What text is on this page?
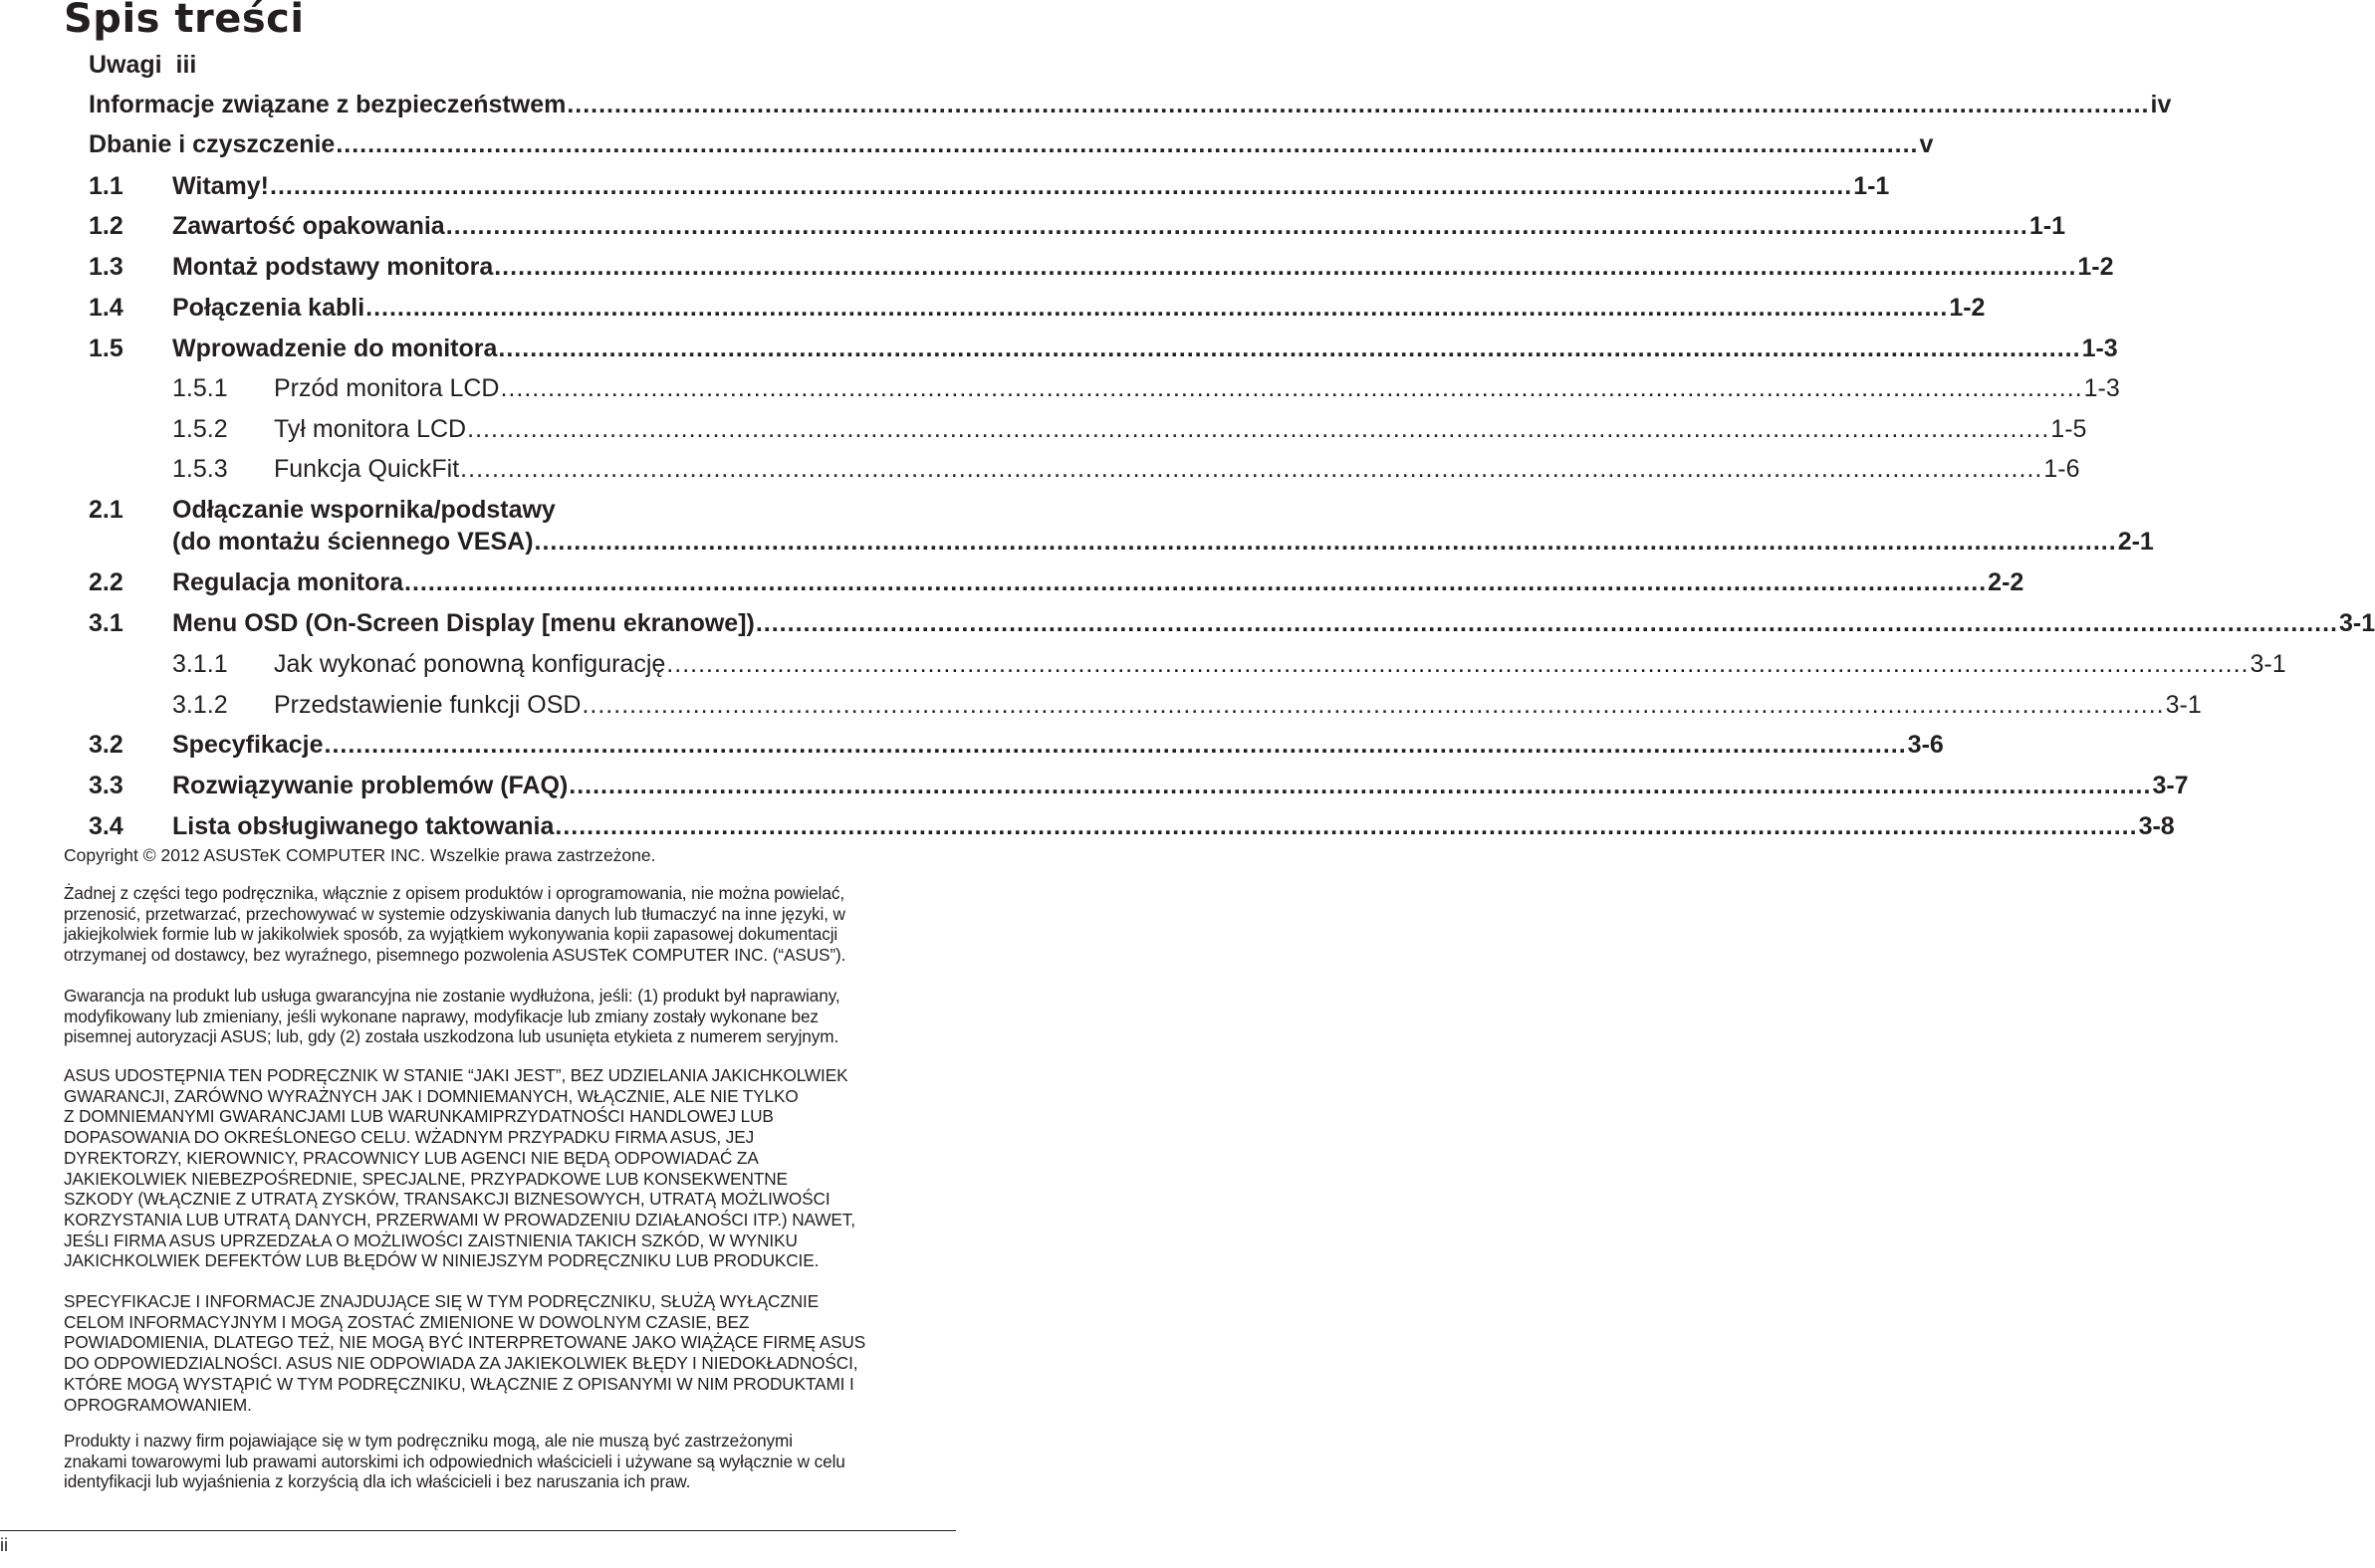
Spis treści
Uwagi
iii
Informacje związane z bezpieczeństwem ........................................................................................................................................................................................................ iv
Dbanie i czyszczenie ........................................................................................................................................................................................................ v
1.1 Witamy! ........................................................................................................................................................................................................ 1-1
1.2 Zawartość opakowania ........................................................................................................................................................................................................ 1-1
1.3 Montaż podstawy monitora ........................................................................................................................................................................................................ 1-2
1.4 Połączenia kabli ........................................................................................................................................................................................................ 1-2
1.5 Wprowadzenie do monitora ........................................................................................................................................................................................................ 1-3
1.5.1 Przód monitora LCD ........................................................................................................................................................................................................ 1-3
1.5.2 Tył monitora LCD ........................................................................................................................................................................................................ 1-5
1.5.3 Funkcja QuickFit ........................................................................................................................................................................................................ 1-6
2.1 Odłączanie wspornika/podstawy
(do montażu ściennego VESA) ........................................................................................................................................................................................................ 2-1
2.2 Regulacja monitora ........................................................................................................................................................................................................ 2-2
3.1 Menu OSD (On-Screen Display [menu ekranowe]) ........................................................................................................................................................................................................ 3-1
3.1.1 Jak wykonać ponowną konfigurację ........................................................................................................................................................................................................ 3-1
3.1.2 Przedstawienie funkcji OSD ........................................................................................................................................................................................................ 3-1
3.2 Specyfikacje ........................................................................................................................................................................................................ 3-6
3.3 Rozwiązywanie problemów (FAQ) ........................................................................................................................................................................................................ 3-7
3.4 Lista obsługiwanego taktowania ........................................................................................................................................................................................................ 3-8

Copyright © 2012 ASUSTeK COMPUTER INC. Wszelkie prawa zastrzeżone.

Żadnej z części tego podręcznika, włącznie z opisem produktów i oprogramowania, nie można powielać,
przenosić, przetwarzać, przechowywać w systemie odzyskiwania danych lub tłumaczyć na inne języki, w
jakiejkolwiek formie lub w jakikolwiek sposób, za wyjątkiem wykonywania kopii zapasowej dokumentacji
otrzymanej od dostawcy, bez wyraźnego, pisemnego pozwolenia ASUSTeK COMPUTER INC. (“ASUS”).
Gwarancja na produkt lub usługa gwarancyjna nie zostanie wydłużona, jeśli: (1) produkt był naprawiany,
modyfikowany lub zmieniany, jeśli wykonane naprawy, modyfikacje lub zmiany zostały wykonane bez
pisemnej autoryzacji ASUS; lub, gdy (2) została uszkodzona lub usunięta etykieta z numerem seryjnym.
ASUS UDOSTĘPNIA TEN PODRĘCZNIK W STANIE “JAKI JEST”, BEZ UDZIELANIA JAKICHKOLWIEK
GWARANCJI, ZARÓWNO WYRAŻNYCH JAK I DOMNIEMANYCH, WŁĄCZNIE, ALE NIE TYLKO
Z DOMNIEMANYMI GWARANCJAMI LUB WARUNKAMIPRZYDATNOŚCI HANDLOWEJ LUB
DOPASOWANIA DO OKREŚLONEGO CELU. WŻADNYM PRZYPADKU FIRMA ASUS, JEJ
DYREKTORZY, KIEROWNICY, PRACOWNICY LUB AGENCI NIE BĘDĄ ODPOWIADAĆ ZA
JAKIEKOLWIEK NIEBEZPOŚREDNIE, SPECJALNE, PRZYPADKOWE LUB KONSEKWENTNE
SZKODY (WŁĄCZNIE Z UTRATĄ ZYSKÓW, TRANSAKCJI BIZNESOWYCH, UTRATĄ MOŻLIWOŚCI
KORZYSTANIA LUB UTRATĄ DANYCH, PRZERWAMI W PROWADZENIU DZIAŁANOŚCI ITP.) NAWET,
JEŚLI FIRMA ASUS UPRZEDZAŁA O MOŻLIWOŚCI ZAISTNIENIA TAKICH SZKÓD, W WYNIKU
JAKICHKOLWIEK DEFEKTÓW LUB BŁĘDÓW W NINIEJSZYM PODRĘCZNIKU LUB PRODUKCIE.
SPECYFIKACJE I INFORMACJE ZNAJDUJĄCE SIĘ W TYM PODRĘCZNIKU, SŁUŻĄ WYŁĄCZNIE
CELOM INFORMACYJNYM I MOGĄ ZOSTAĆ ZMIENIONE W DOWOLNYM CZASIE, BEZ
POWIADOMIENIA, DLATEGO TEŻ, NIE MOGĄ BYĆ INTERPRETOWANE JAKO WIĄŻĄCE FIRMĘ ASUS
DO ODPOWIEDZIALNOŚCI. ASUS NIE ODPOWIADA ZA JAKIEKOLWIEK BŁĘDY I NIEDOKŁADNOŚCI,
KTÓRE MOGĄ WYSTĄPIĆ W TYM PODRĘCZNIKU, WŁĄCZNIE Z OPISANYMI W NIM PRODUKTAMI I
OPROGRAMOWANIEM.
Produkty i nazwy firm pojawiające się w tym podręczniku mogą, ale nie muszą być zastrzeżonymi
znakami towarowymi lub prawami autorskimi ich odpowiednich właścicieli i używane są wyłącznie w celu
identyfikacji lub wyjaśnienia z korzyścią dla ich właścicieli i bez naruszania ich praw.
ii
